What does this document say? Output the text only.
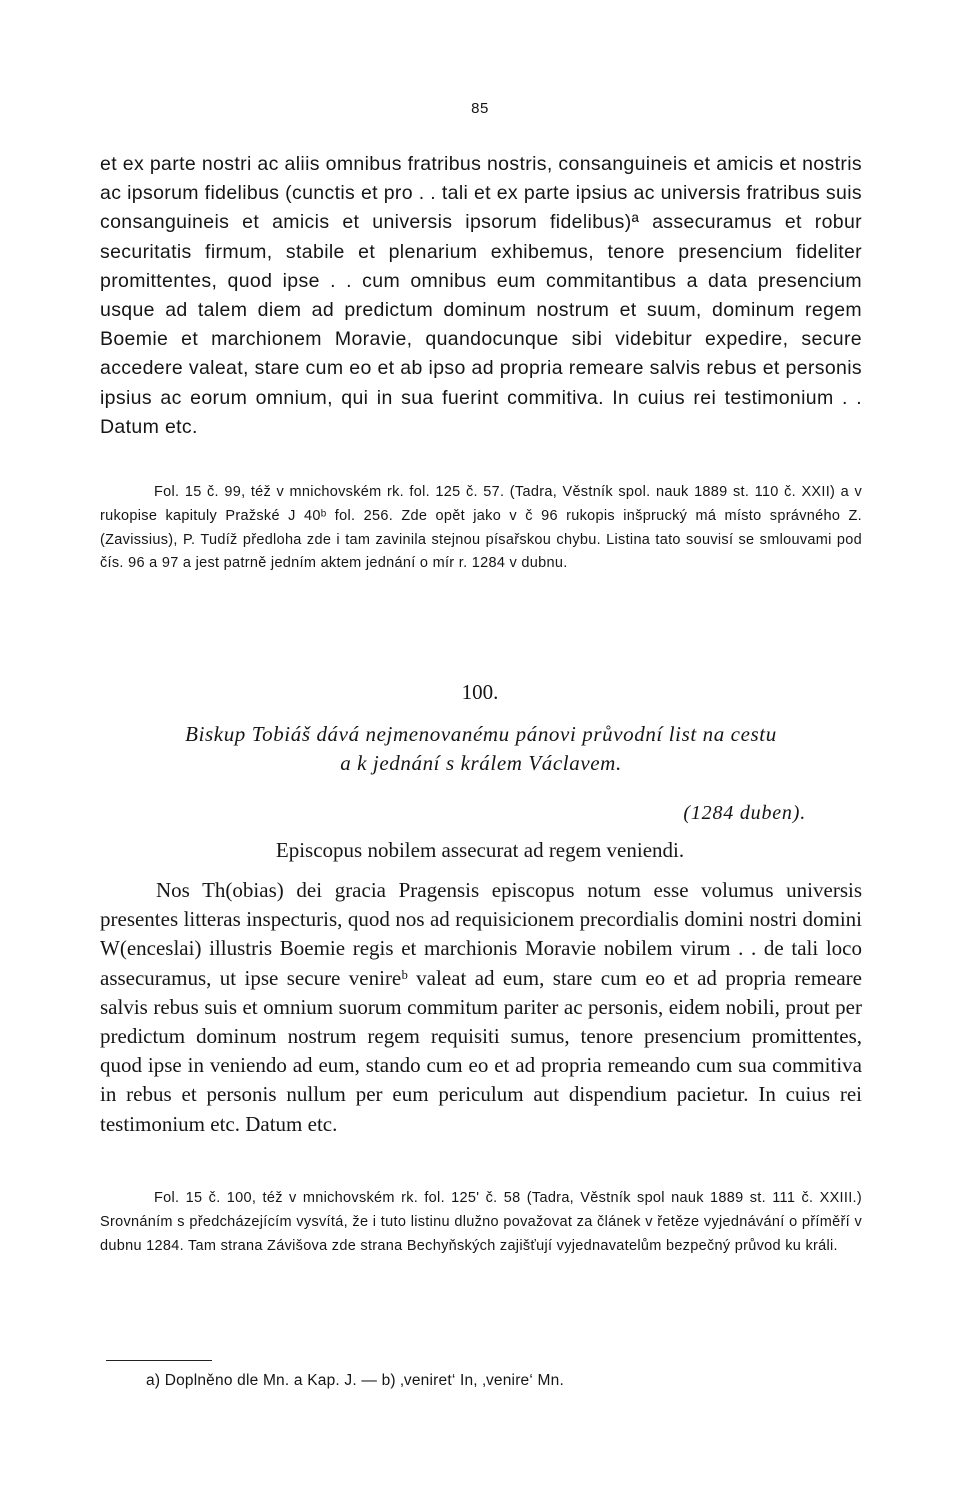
85

et ex parte nostri ac aliis omnibus fratribus nostris, consanguineis et amicis et nostris ac ipsorum fidelibus (cunctis et pro . . tali et ex parte ipsius ac universis fratribus suis consanguineis et amicis et universis ipsorum fidelibus)ª assecuramus et robur securitatis firmum, stabile et plenarium exhibemus, tenore presencium fideliter promittentes, quod ipse . . cum omnibus eum commitantibus a data presencium usque ad talem diem ad predictum dominum nostrum et suum, dominum regem Boemie et marchionem Moravie, quandocunque sibi videbitur expedire, secure accedere valeat, stare cum eo et ab ipso ad propria remeare salvis rebus et personis ipsius ac eorum omnium, qui in sua fuerint commitiva. In cuius rei testimonium . . Datum etc.

Fol. 15 č. 99, též v mnichovském rk. fol. 125 č. 57. (Tadra, Věstník spol. nauk 1889 st. 110 č. XXII) a v rukopise kapituly Pražské J 40ᵇ fol. 256. Zde opět jako v č 96 rukopis inšprucký má místo správného Z. (Zavissius), P. Tudíž předloha zde i tam zavinila stejnou písařskou chybu. Listina tato souvisí se smlouvami pod čís. 96 a 97 a jest patrně jedním aktem jednání o mír r. 1284 v dubnu.

100.
Biskup Tobiáš dává nejmenovanému pánovi průvodní list na cestu
a k jednání s králem Václavem.
(1284 duben).
Episcopus nobilem assecurat ad regem veniendi.

Nos Th(obias) dei gracia Pragensis episcopus notum esse volumus universis presentes litteras inspecturis, quod nos ad requisicionem precordialis domini nostri domini W(enceslai) illustris Boemie regis et marchionis Moravie nobilem virum . . de tali loco assecuramus, ut ipse secure venireᵇ valeat ad eum, stare cum eo et ad propria remeare salvis rebus suis et omnium suorum commitum pariter ac personis, eidem nobili, prout per predictum dominum nostrum regem requisiti sumus, tenore presencium promittentes, quod ipse in veniendo ad eum, stando cum eo et ad propria remeando cum sua commitiva in rebus et personis nullum per eum periculum aut dispendium pacietur. In cuius rei testimonium etc. Datum etc.

Fol. 15 č. 100, též v mnichovském rk. fol. 125' č. 58 (Tadra, Věstník spol nauk 1889 st. 111 č. XXIII.) Srovnáním s předcházejícím vysvítá, že i tuto listinu dlužno považovat za článek v řetěze vyjednávání o příměří v dubnu 1284. Tam strana Závišova zde strana Bechyňských zajišťují vyjednavatelům bezpečný průvod ku králi.

a) Doplněno dle Mn. a Kap. J. — b) ‚veniret‘ In, ‚venire‘ Mn.
